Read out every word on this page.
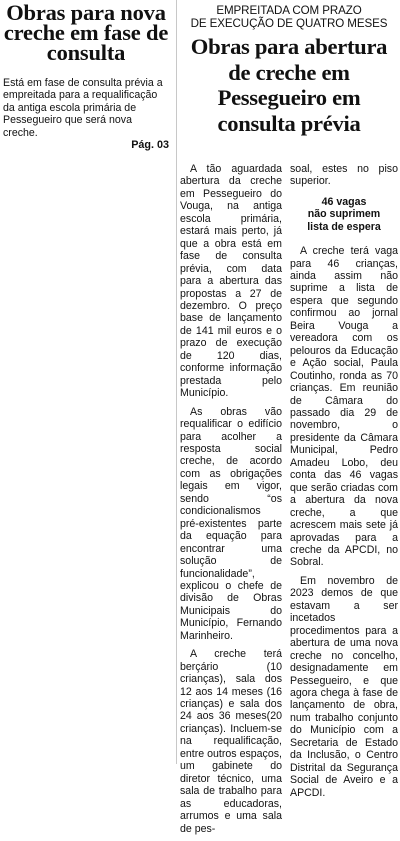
Obras para nova creche em fase de consulta

Está em fase de consulta prévia a empreitada para a requalificação da antiga escola primária de Pessegueiro que será nova creche.

Pág. 03

EMPREITADA COM PRAZO
DE EXECUÇÃO DE QUATRO MESES
Obras para abertura de creche em Pessegueiro em consulta prévia

A tão aguardada abertura da creche em Pessegueiro do Vouga, na antiga escola primária, estará mais perto, já que a obra está em fase de consulta prévia, com data para a abertura das propostas a 27 de dezembro. O preço base de lançamento de 141 mil euros e o prazo de execução de 120 dias, conforme informação prestada pelo Município.

As obras vão requalificar o edifício para acolher a resposta social creche, de acordo com as obrigações legais em vigor, sendo “os condicionalismos pré-existentes parte da equação para encontrar uma solução de funcionalidade”, explicou o chefe de divisão de Obras Municipais do Município, Fernando Marinheiro.

A creche terá berçário (10 crianças), sala dos 12 aos 14 meses (16 crianças) e sala dos 24 aos 36 meses(20 crianças). Incluem-se na requalificação, entre outros espaços, um gabinete do diretor técnico, uma sala de trabalho para as educadoras, arrumos e uma sala de pes-

soal, estes no piso superior.

46 vagas
não suprimem
lista de espera

A creche terá vaga para 46 crianças, ainda assim não suprime a lista de espera que segundo confirmou ao jornal Beira Vouga a vereadora com os pelouros da Educação e Ação social, Paula Coutinho, ronda as 70 crianças. Em reunião de Câmara do passado dia 29 de novembro, o presidente da Câmara Municipal, Pedro Amadeu Lobo, deu conta das 46 vagas que serão criadas com a abertura da nova creche, a que acrescem mais sete já aprovadas para a creche da APCDI, no Sobral.

Em novembro de 2023 demos de que estavam a ser incetados procedimentos para a abertura de uma nova creche no concelho, designadamente em Pessegueiro, e que agora chega à fase de lançamento de obra, num trabalho conjunto do Município com a Secretaria de Estado da Inclusão, o Centro Distrital da Segurança Social de Aveiro e a APCDI.
